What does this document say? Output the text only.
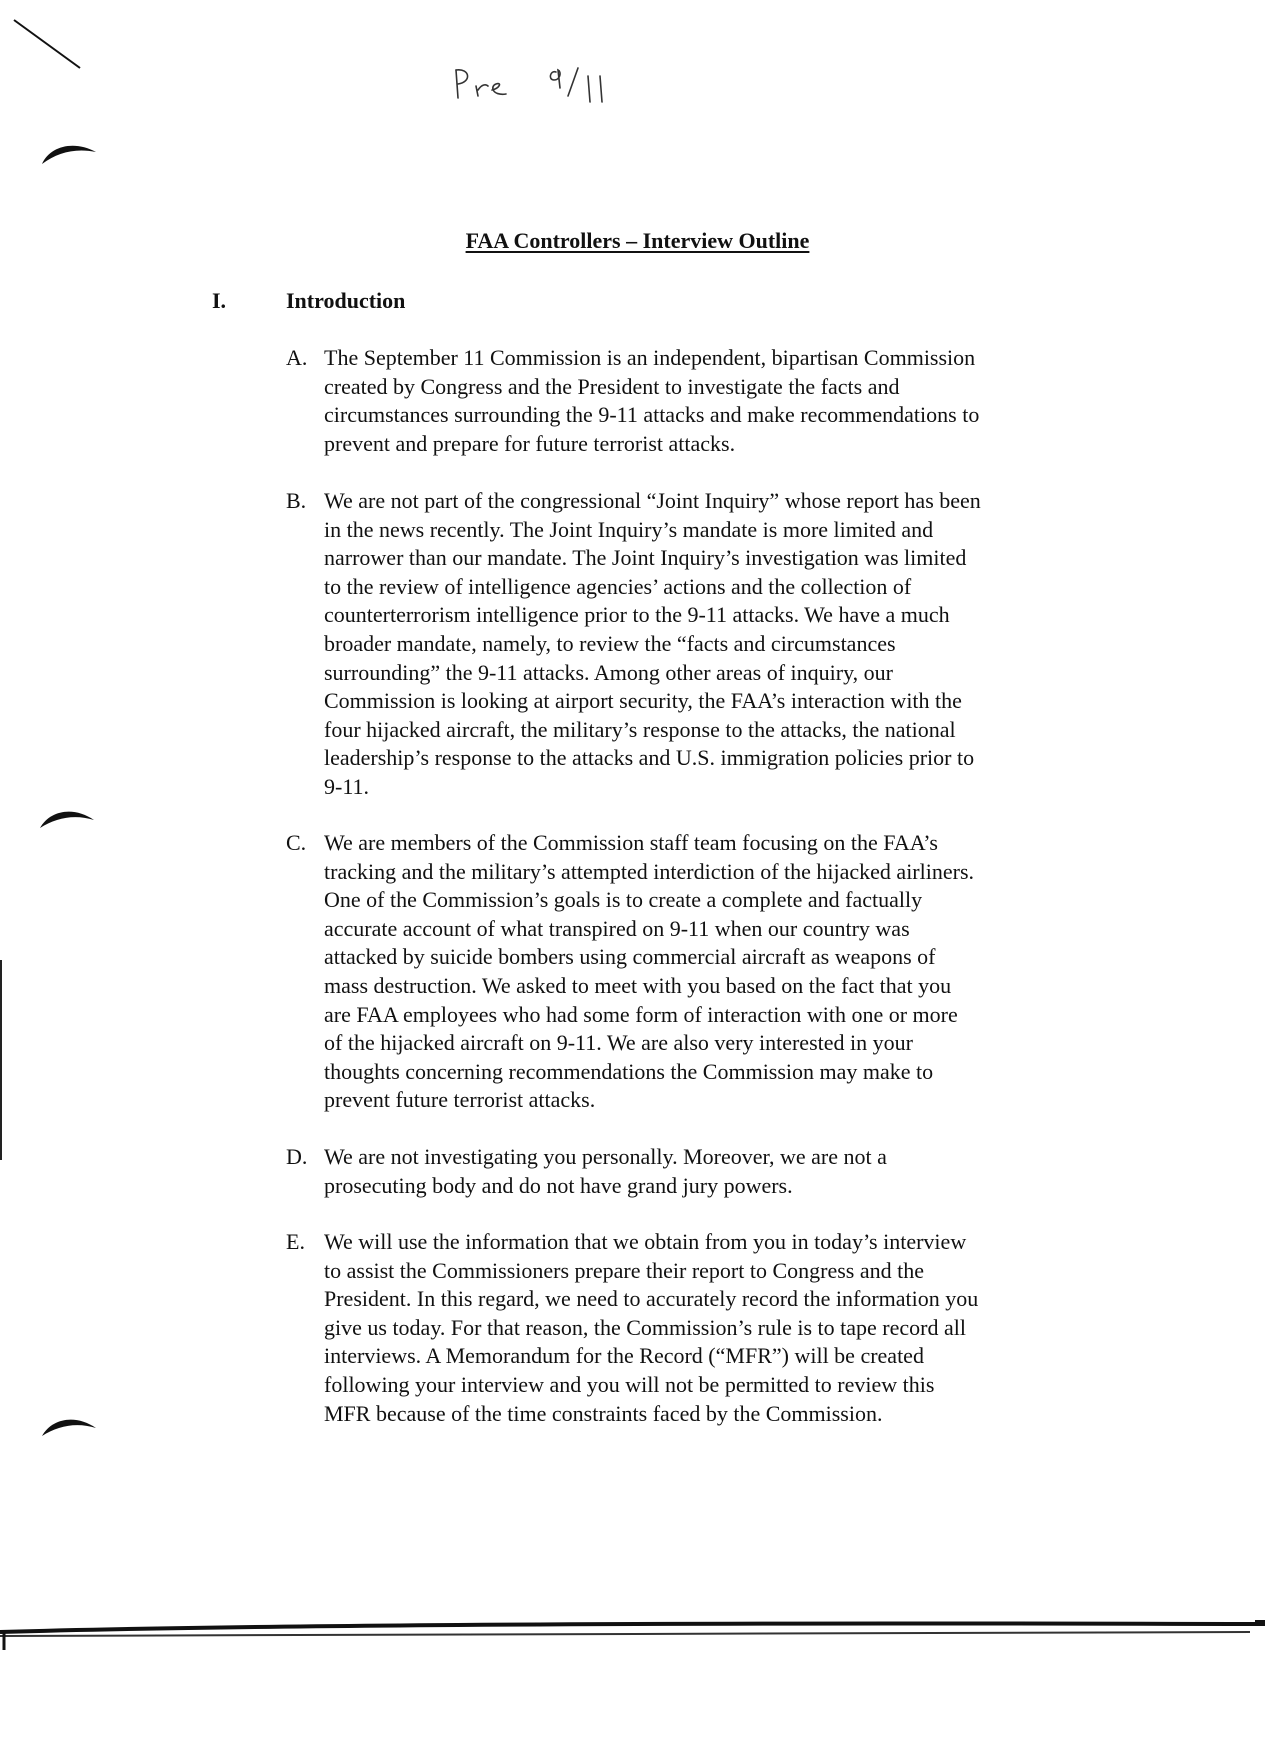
FAA Controllers – Interview Outline
I.	Introduction
A. The September 11 Commission is an independent, bipartisan Commission
created by Congress and the President to investigate the facts and
circumstances surrounding the 9-11 attacks and make recommendations to
prevent and prepare for future terrorist attacks.
B. We are not part of the congressional “Joint Inquiry” whose report has been
in the news recently. The Joint Inquiry’s mandate is more limited and
narrower than our mandate. The Joint Inquiry’s investigation was limited
to the review of intelligence agencies’ actions and the collection of
counterterrorism intelligence prior to the 9-11 attacks. We have a much
broader mandate, namely, to review the “facts and circumstances
surrounding” the 9-11 attacks. Among other areas of inquiry, our
Commission is looking at airport security, the FAA’s interaction with the
four hijacked aircraft, the military’s response to the attacks, the national
leadership’s response to the attacks and U.S. immigration policies prior to
9-11.
C. We are members of the Commission staff team focusing on the FAA’s
tracking and the military’s attempted interdiction of the hijacked airliners.
One of the Commission’s goals is to create a complete and factually
accurate account of what transpired on 9-11 when our country was
attacked by suicide bombers using commercial aircraft as weapons of
mass destruction. We asked to meet with you based on the fact that you
are FAA employees who had some form of interaction with one or more
of the hijacked aircraft on 9-11. We are also very interested in your
thoughts concerning recommendations the Commission may make to
prevent future terrorist attacks.
D. We are not investigating you personally. Moreover, we are not a
prosecuting body and do not have grand jury powers.
E. We will use the information that we obtain from you in today’s interview
to assist the Commissioners prepare their report to Congress and the
President. In this regard, we need to accurately record the information you
give us today. For that reason, the Commission’s rule is to tape record all
interviews. A Memorandum for the Record (“MFR”) will be created
following your interview and you will not be permitted to review this
MFR because of the time constraints faced by the Commission.
